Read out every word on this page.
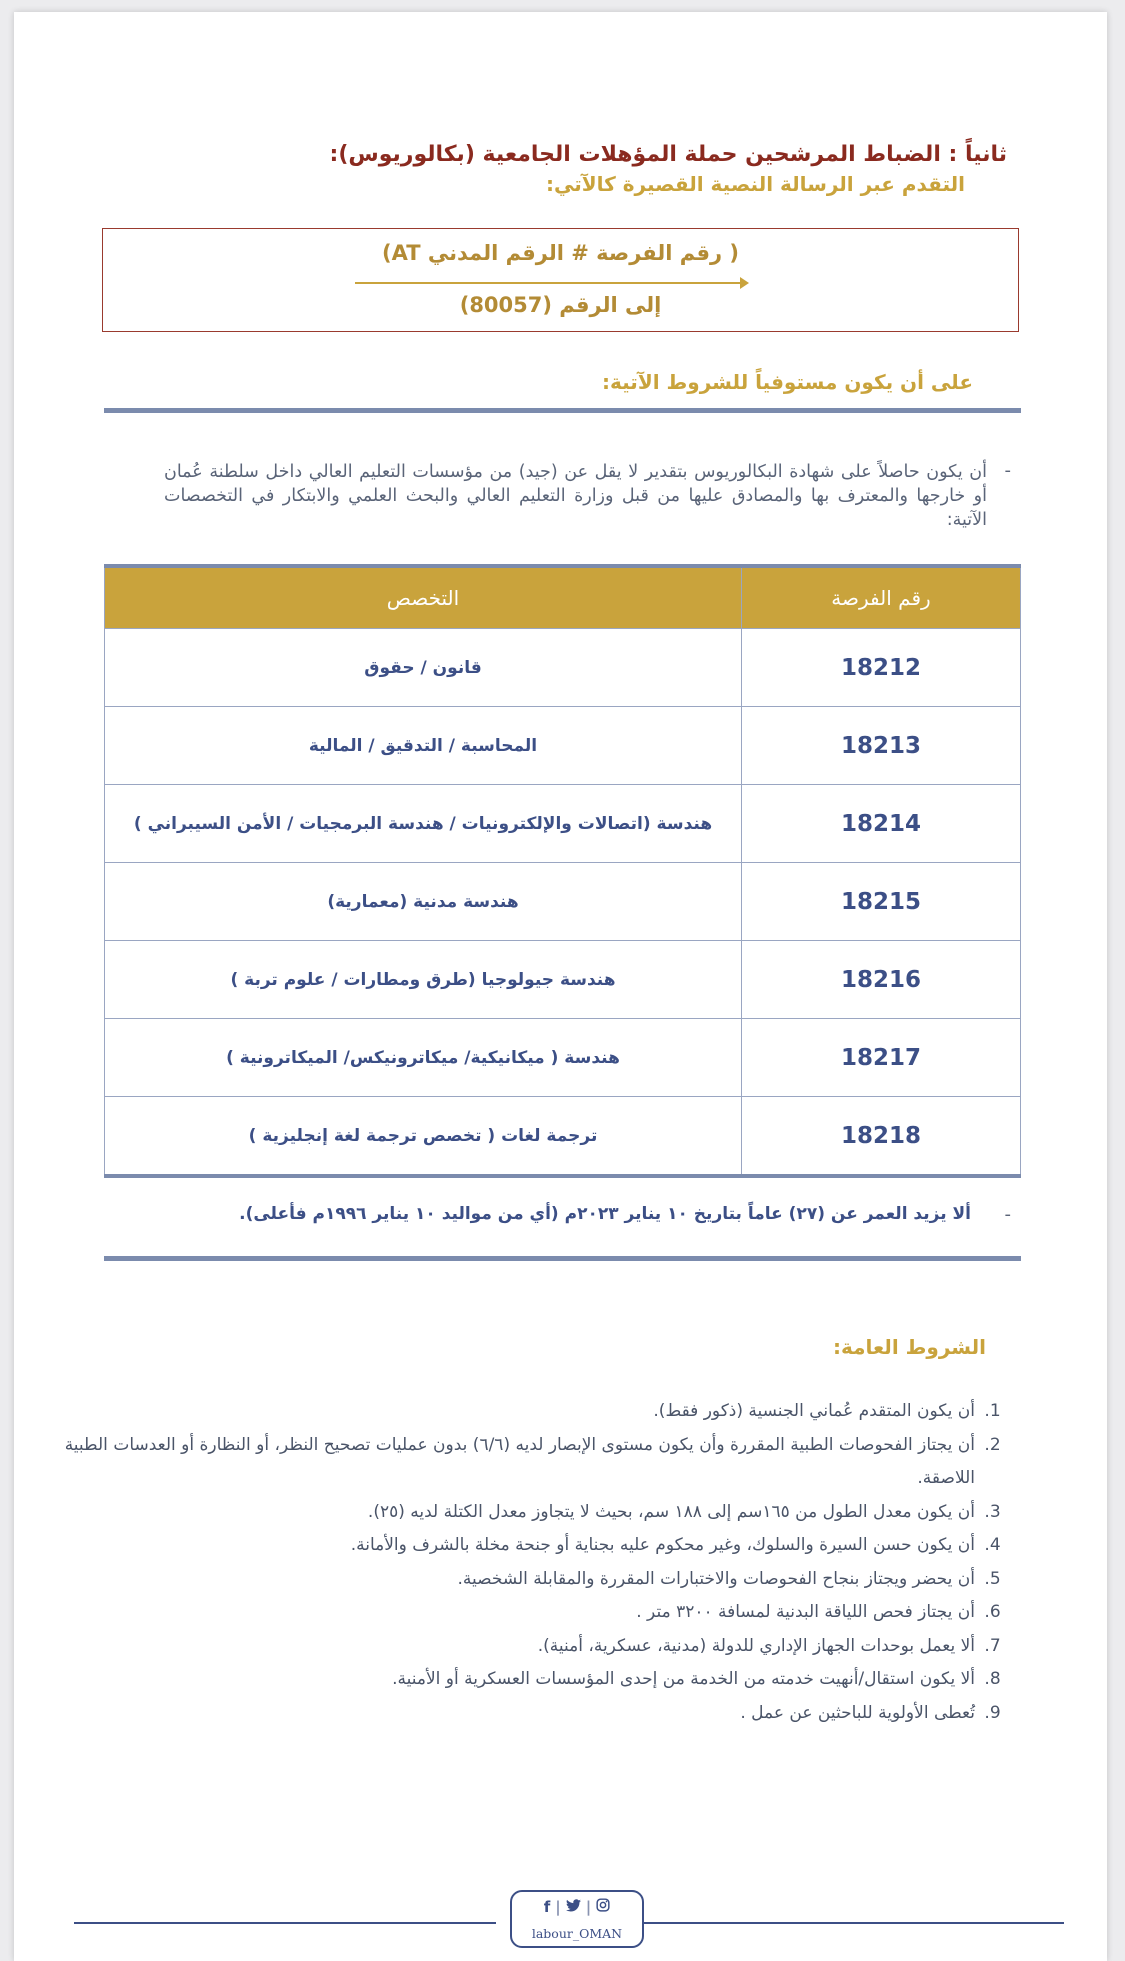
ثانياً : الضباط المرشحين حملة المؤهلات الجامعية (بكالوريوس):
التقدم عبر الرسالة النصية القصيرة كالآتي:
( رقم الفرصة # الرقم المدني AT)
إلى الرقم (80057)
على أن يكون مستوفياً للشروط الآتية:
-
أن يكون حاصلاً على شهادة البكالوريوس بتقدير لا يقل عن (جيد) من مؤسسات التعليم العالي داخل سلطنة عُمان أو خارجها والمعترف بها والمصادق عليها من قبل وزارة التعليم العالي والبحث العلمي والابتكار في التخصصات الآتية:
رقم الفرصة	التخصص
18212	قانون / حقوق
18213	المحاسبة / التدقيق / المالية
18214	هندسة (اتصالات والإلكترونيات / هندسة البرمجيات / الأمن السيبراني )
18215	هندسة مدنية (معمارية)
18216	هندسة جيولوجيا (طرق ومطارات / علوم تربة )
18217	هندسة ( ميكانيكية/ ميكاترونيكس/ الميكاترونية )
18218	ترجمة لغات ( تخصص ترجمة لغة إنجليزية )
-
ألا يزيد العمر عن (٢٧) عاماً بتاريخ ١٠ يناير ٢٠٢٣م (أي من مواليد ١٠ يناير ١٩٩٦م فأعلى).
الشروط العامة:
1. أن يكون المتقدم عُماني الجنسية (ذكور فقط).
2. أن يجتاز الفحوصات الطبية المقررة وأن يكون مستوى الإبصار لديه (٦/٦) بدون عمليات تصحيح النظر، أو النظارة أو العدسات الطبية اللاصقة.
3. أن يكون معدل الطول من ١٦٥سم إلى ١٨٨ سم، بحيث لا يتجاوز معدل الكتلة لديه (٢٥).
4. أن يكون حسن السيرة والسلوك، وغير محكوم عليه بجناية أو جنحة مخلة بالشرف والأمانة.
5. أن يحضر ويجتاز بنجاح الفحوصات والاختبارات المقررة والمقابلة الشخصية.
6. أن يجتاز فحص اللياقة البدنية لمسافة ٣٢٠٠ متر .
7. ألا يعمل بوحدات الجهاز الإداري للدولة (مدنية، عسكرية، أمنية).
8. ألا يكون استقال/أنهيت خدمته من الخدمة من إحدى المؤسسات العسكرية أو الأمنية.
9. تُعطى الأولوية للباحثين عن عمل .
f | |
labour_OMAN
